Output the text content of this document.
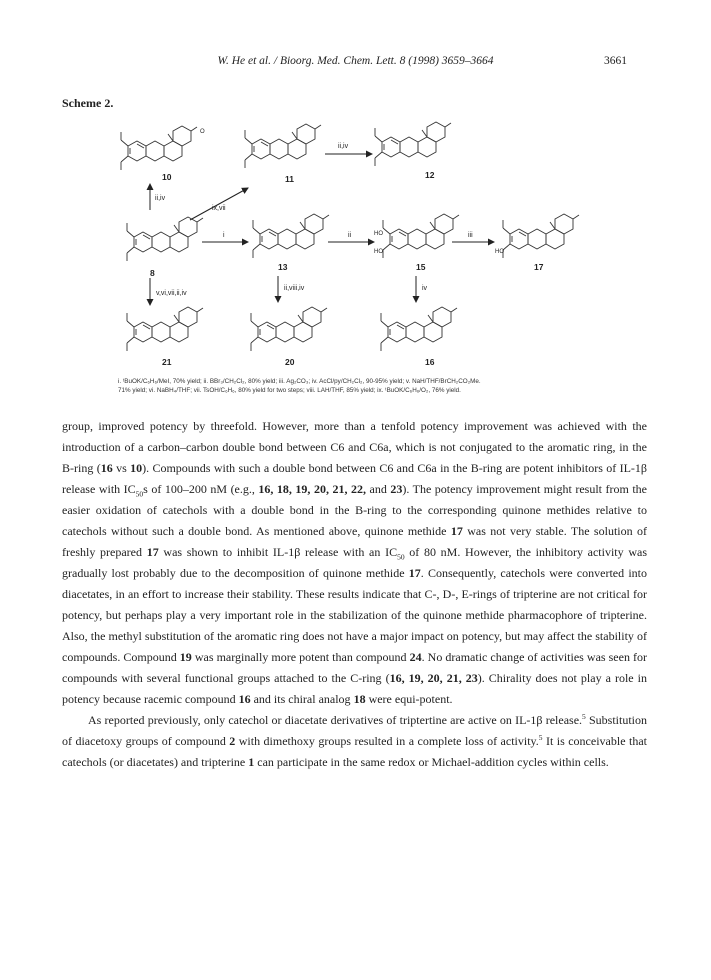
W. He et al. / Bioorg. Med. Chem. Lett. 8 (1998) 3659–3664	3661
Scheme 2.
10	11	12
8
13	15	17
21	20	16
ii,iv
ii,iv
ix,vii
i	ii	iii
v,vi,vii,ii,iv
ii,viii,iv	iv
O
HO
HO	HO
i. ᵗBuOK/C₆H₆/MeI, 70% yield; ii. BBr₃/CH₂Cl₂, 80% yield; iii. Ag₂CO₃; iv. AcCl/py/CH₂Cl₂, 90-95% yield; v. NaH/THF/BrCH₂CO₂Me.
71% yield; vi. NaBH₄/THF; vii. TsOH/C₆H₆, 80% yield for two steps; viii. LAH/THF, 85% yield; ix. ᵗBuOK/C₆H₆/O₂, 76% yield.

group, improved potency by threefold. However, more than a tenfold potency improvement was achieved with the introduction of a carbon–carbon double bond between C6 and C6a, which is not conjugated to the aromatic ring, in the B-ring (16 vs 10). Compounds with such a double bond between C6 and C6a in the B-ring are potent inhibitors of IL-1β release with $IC_{50}s$ of 100–200 nM (e.g., 16, 18, 19, 20, 21, 22, and 23). The potency improvement might result from the easier oxidation of catechols with a double bond in the B-ring to the corresponding quinone methides relative to catechols without such a double bond. As mentioned above, quinone methide 17 was not very stable. The solution of freshly prepared 17 was shown to inhibit IL-1β release with an $IC_{50}$ of 80 nM. However, the inhibitory activity was gradually lost probably due to the decomposition of quinone methide 17. Consequently, catechols were converted into diacetates, in an effort to increase their stability. These results indicate that C-, D-, E-rings of tripterine are not critical for potency, but perhaps play a very important role in the stabilization of the quinone methide pharmacophore of tripterine. Also, the methyl substitution of the aromatic ring does not have a major impact on potency, but may affect the stability of compounds. Compound 19 was marginally more potent than compound 24. No dramatic change of activities was seen for compounds with several functional groups attached to the C-ring (16, 19, 20, 21, 23). Chirality does not play a role in potency because racemic compound 16 and its chiral analog 18 were equi-potent.

As reported previously, only catechol or diacetate derivatives of triptertine are active on IL-1β release.$^5$ Substitution of diacetoxy groups of compound 2 with dimethoxy groups resulted in a complete loss of activity.$^5$ It is conceivable that catechols (or diacetates) and tripterine 1 can participate in the same redox or Michael-addition cycles within cells.
